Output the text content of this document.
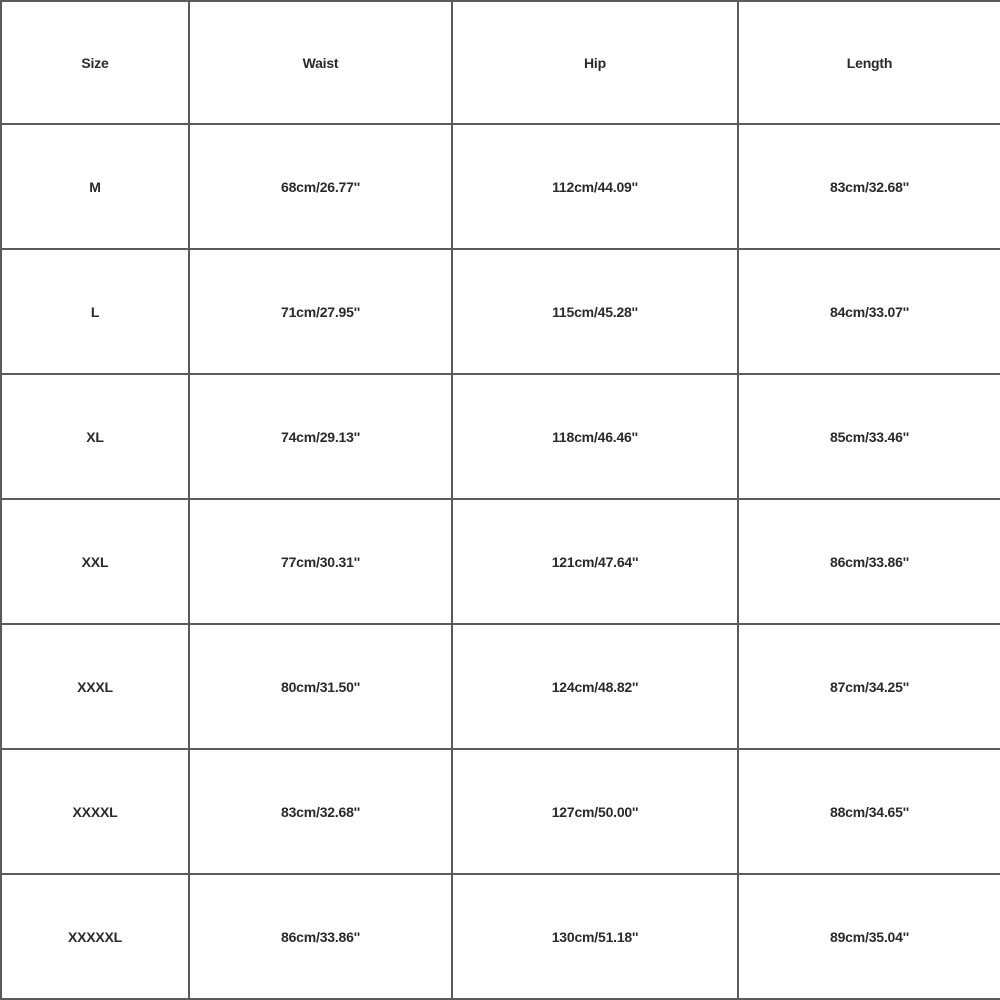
Size	Waist	Hip	Length
M	68cm/26.77''	112cm/44.09''	83cm/32.68''
L	71cm/27.95''	115cm/45.28''	84cm/33.07''
XL	74cm/29.13''	118cm/46.46''	85cm/33.46''
XXL	77cm/30.31''	121cm/47.64''	86cm/33.86''
XXXL	80cm/31.50''	124cm/48.82''	87cm/34.25''
XXXXL	83cm/32.68''	127cm/50.00''	88cm/34.65''
XXXXXL	86cm/33.86''	130cm/51.18''	89cm/35.04''
